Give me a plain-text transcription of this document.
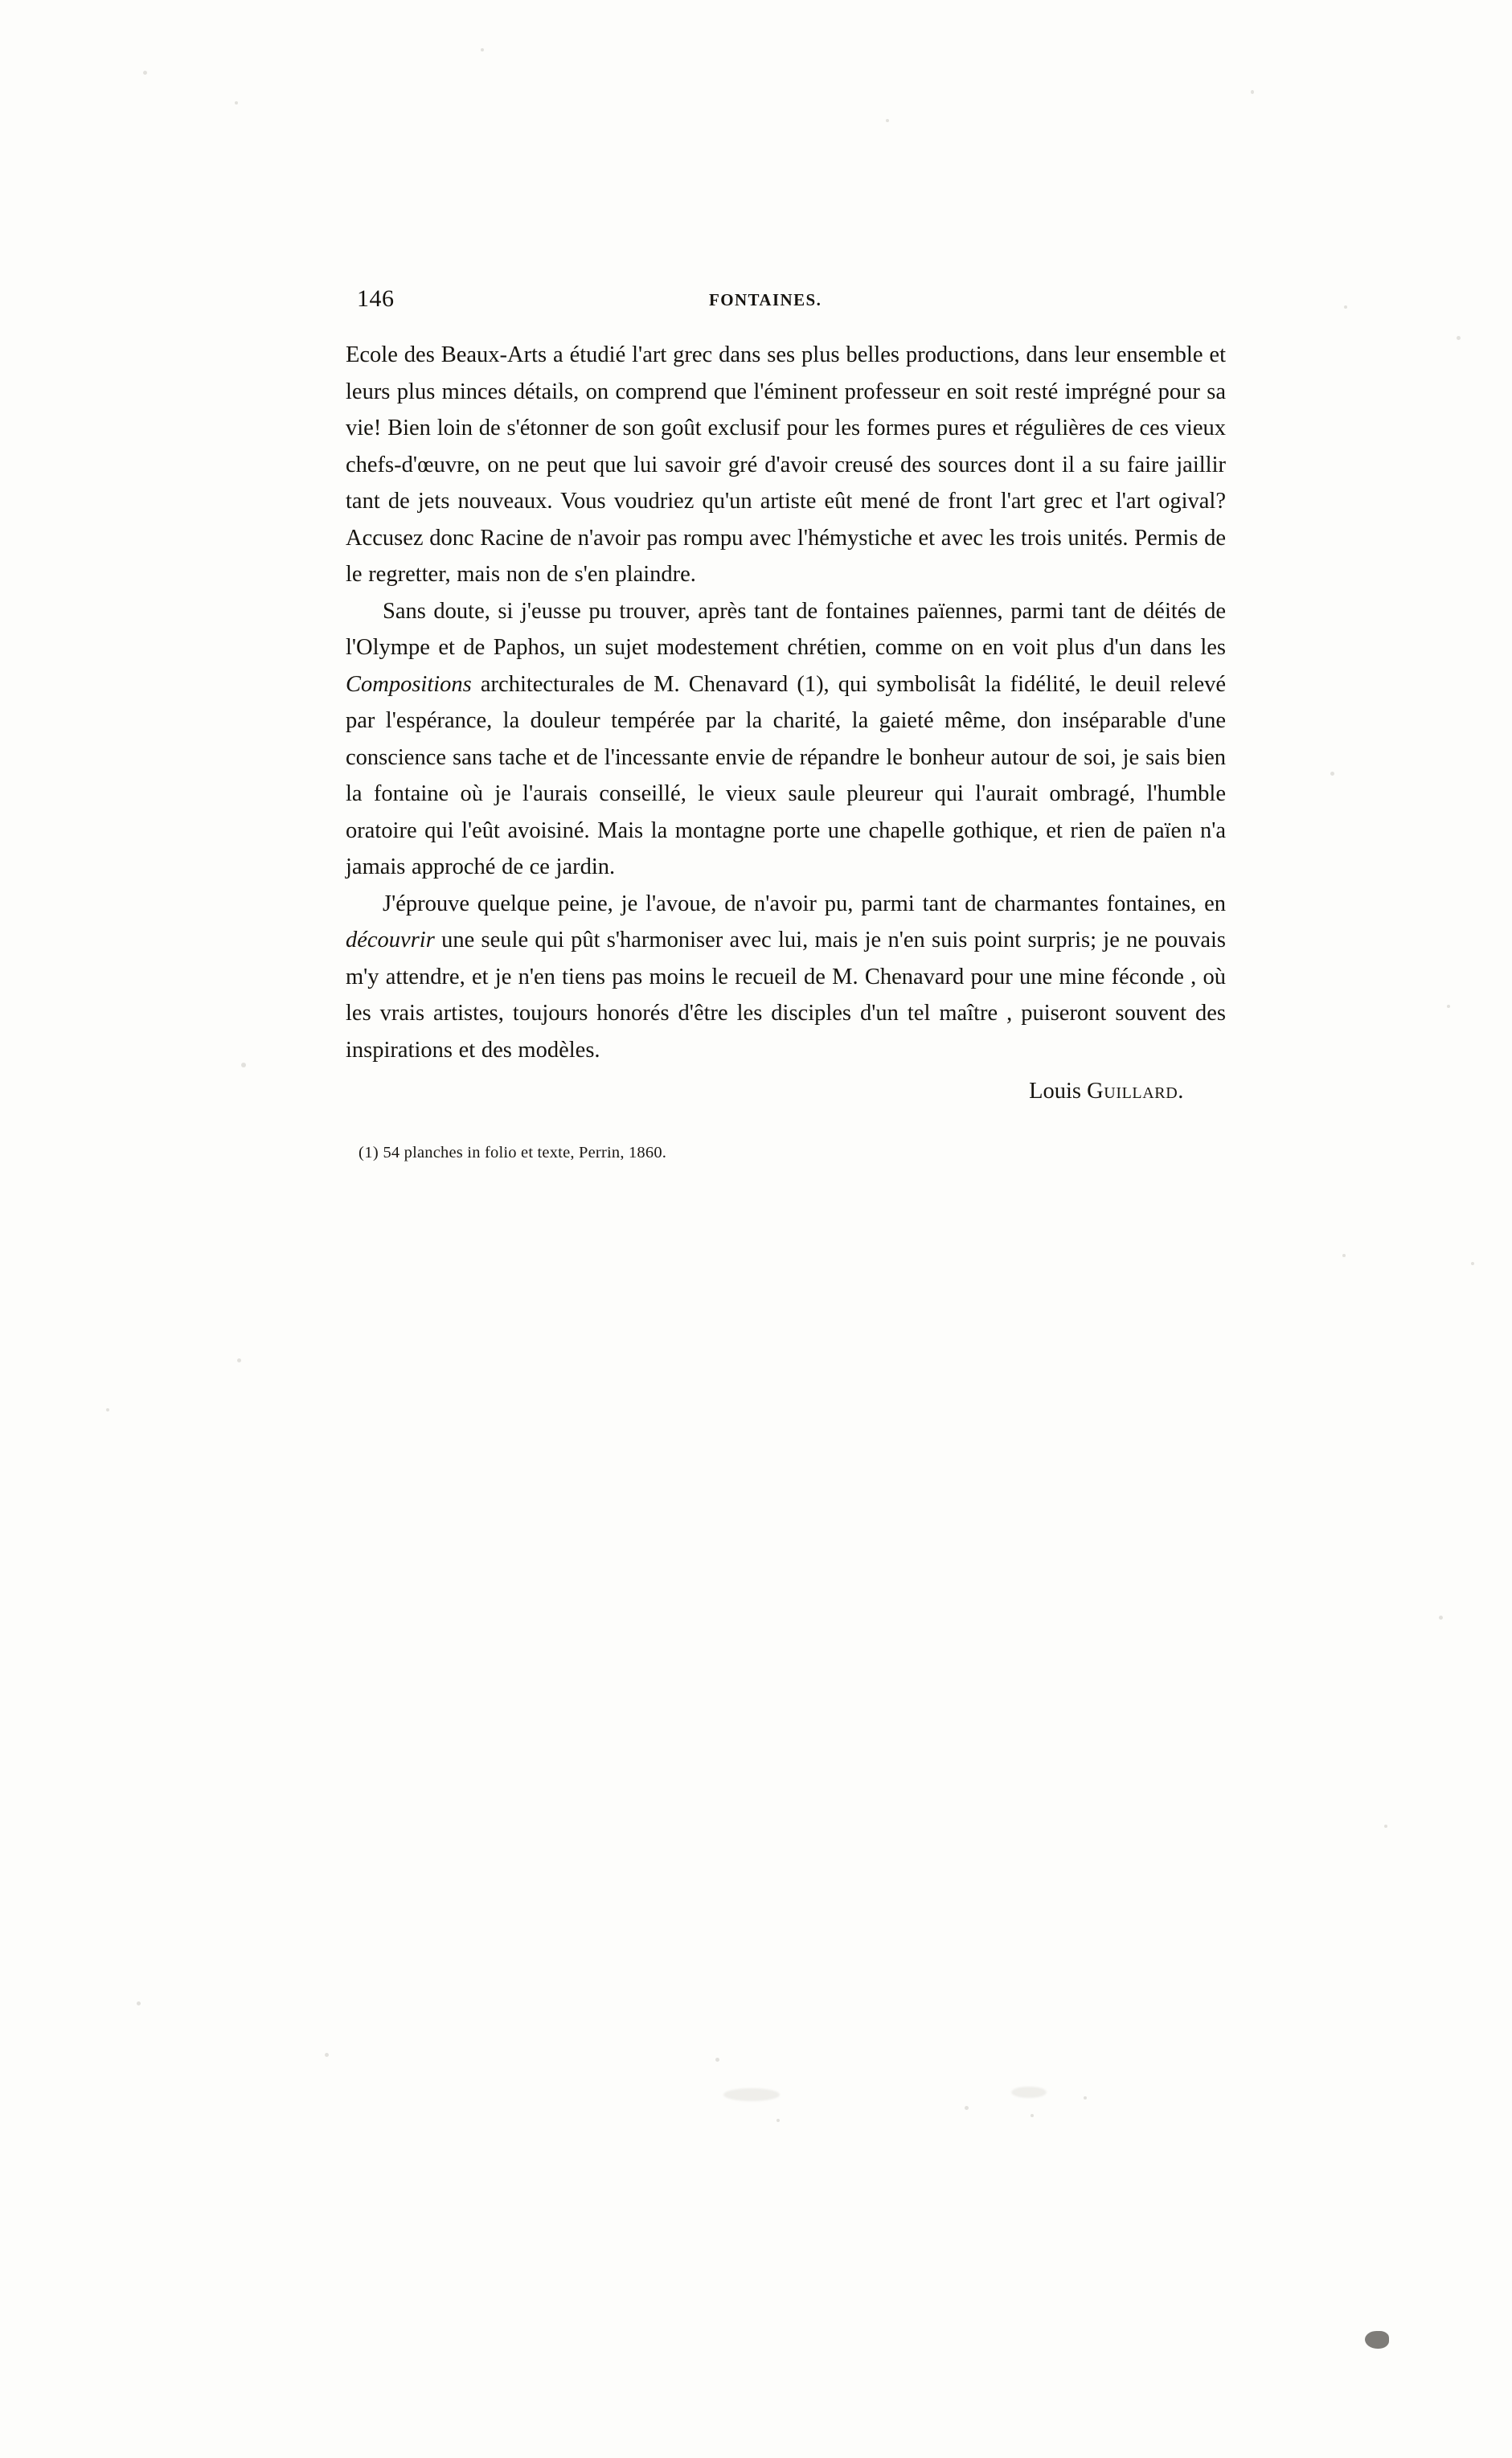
146	FONTAINES.

Ecole des Beaux-Arts a étudié l'art grec dans ses plus belles productions, dans leur ensemble et leurs plus minces détails, on comprend que l'éminent professeur en soit resté imprégné pour sa vie! Bien loin de s'étonner de son goût exclusif pour les formes pures et régulières de ces vieux chefs-d'œuvre, on ne peut que lui savoir gré d'avoir creusé des sources dont il a su faire jaillir tant de jets nouveaux. Vous voudriez qu'un artiste eût mené de front l'art grec et l'art ogival? Accusez donc Racine de n'avoir pas rompu avec l'hémystiche et avec les trois unités. Permis de le regretter, mais non de s'en plaindre.

Sans doute, si j'eusse pu trouver, après tant de fontaines païennes, parmi tant de déités de l'Olympe et de Paphos, un sujet modestement chrétien, comme on en voit plus d'un dans les Compositions architecturales de M. Chenavard (1), qui symbolisât la fidélité, le deuil relevé par l'espérance, la douleur tempérée par la charité, la gaieté même, don inséparable d'une conscience sans tache et de l'incessante envie de répandre le bonheur autour de soi, je sais bien la fontaine où je l'aurais conseillé, le vieux saule pleureur qui l'aurait ombragé, l'humble oratoire qui l'eût avoisiné. Mais la montagne porte une chapelle gothique, et rien de païen n'a jamais approché de ce jardin.

J'éprouve quelque peine, je l'avoue, de n'avoir pu, parmi tant de charmantes fontaines, en découvrir une seule qui pût s'harmoniser avec lui, mais je n'en suis point surpris; je ne pouvais m'y attendre, et je n'en tiens pas moins le recueil de M. Chenavard pour une mine féconde , où les vrais artistes, toujours honorés d'être les disciples d'un tel maître , puiseront souvent des inspirations et des modèles.

Louis Guillard.
(1) 54 planches in folio et texte, Perrin, 1860.
